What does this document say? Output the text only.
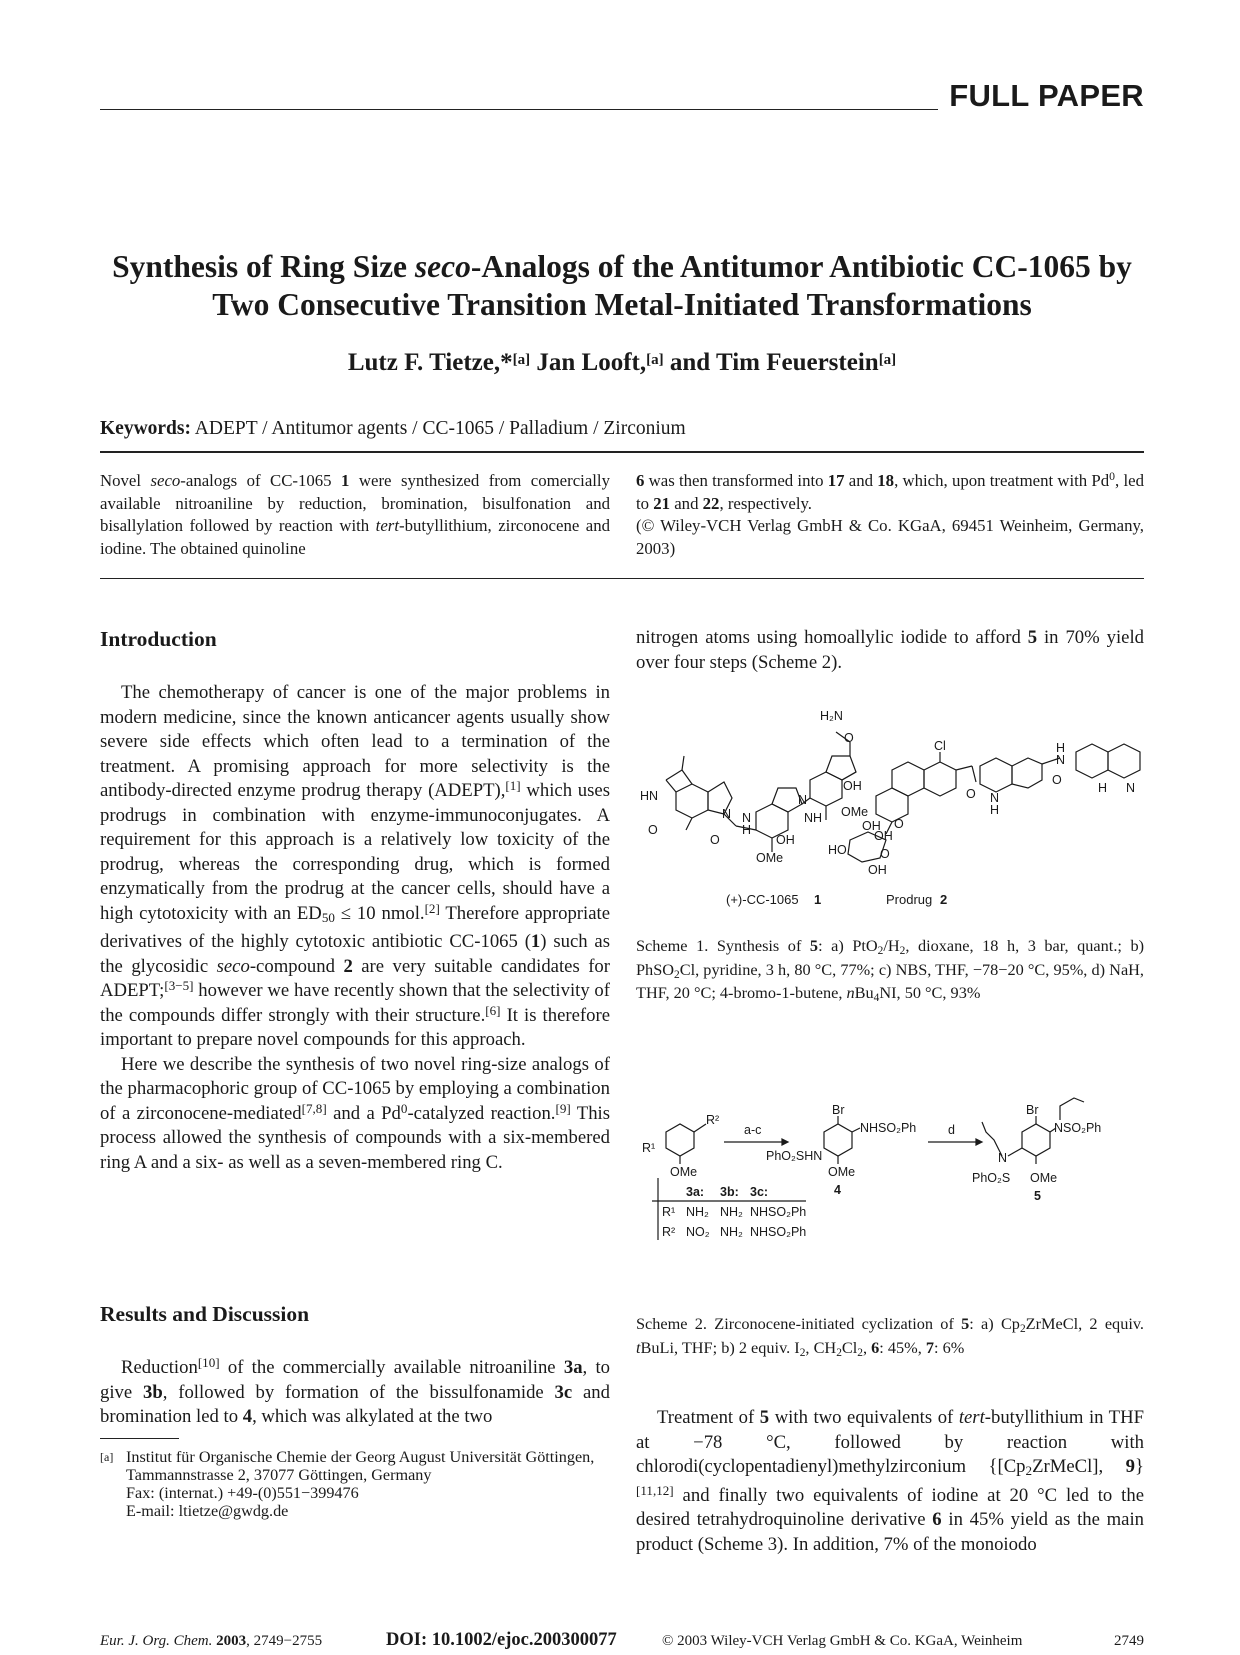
FULL PAPER
Synthesis of Ring Size seco-Analogs of the Antitumor Antibiotic CC-1065 by
Two Consecutive Transition Metal-Initiated Transformations
Lutz F. Tietze,*[a] Jan Looft,[a] and Tim Feuerstein[a]
Keywords: ADEPT / Antitumor agents / CC-1065 / Palladium / Zirconium
Novel seco-analogs of CC-1065 1 were synthesized from comercially available nitroaniline by reduction, bromination, bisulfonation and bisallylation followed by reaction with tert-butyllithium, zirconocene and iodine. The obtained quinoline
6 was then transformed into 17 and 18, which, upon treatment with Pd$^0$, led to 21 and 22, respectively.
(© Wiley-VCH Verlag GmbH & Co. KGaA, 69451 Weinheim, Germany, 2003)
Introduction

The chemotherapy of cancer is one of the major problems in modern medicine, since the known anticancer agents usually show severe side effects which often lead to a termination of the treatment. A promising approach for more selectivity is the antibody-directed enzyme prodrug therapy (ADEPT),[1] which uses prodrugs in combination with enzyme-immunoconjugates. A requirement for this approach is a relatively low toxicity of the prodrug, whereas the corresponding drug, which is formed enzymatically from the prodrug at the cancer cells, should have a high cytotoxicity with an $ED_{50} \le 10$ nmol.[2] Therefore appropriate derivatives of the highly cytotoxic antibiotic CC-1065 (1) such as the glycosidic seco-compound 2 are very suitable candidates for ADEPT;[3−5] however we have recently shown that the selectivity of the compounds differ strongly with their structure.[6] It is therefore important to prepare novel compounds for this approach.

Here we describe the synthesis of two novel ring-size analogs of the pharmacophoric group of CC-1065 by employing a combination of a zirconocene-mediated[7,8] and a Pd$^0$-catalyzed reaction.[9] This process allowed the synthesis of compounds with a six-membered ring A and a six- as well as a seven-membered ring C.

Results and Discussion

Reduction[10] of the commercially available nitroaniline 3a, to give 3b, followed by formation of the bissulfonamide 3c and bromination led to 4, which was alkylated at the two

[a] Institut für Organische Chemie der Georg August Universität Göttingen,
Tammannstrasse 2, 37077 Göttingen, Germany
Fax: (internat.) +49-(0)551−399476
E-mail: ltietze@gwdg.de

nitrogen atoms using homoallylic iodide to afford 5 in 70% yield over four steps (Scheme 2).

H₂N
O
HN
O
OH
OMe
NH
OH
OMe
O
N
N
H
N
Cl
O N
H
H
N
O
N
H
OH
OH
HO
OH
O
O
(+)-CC-1065 1	Prodrug 2
Scheme 1. Synthesis of 5: a) $PtO_2/H_2$, dioxane, 18 h, 3 bar, quant.; b) PhSO$_2$Cl, pyridine, 3 h, 80 °C, 77%; c) NBS, THF, −78−20 °C, 95%, d) NaH, THF, 20 °C; 4-bromo-1-butene, nBu$_4$NI, 50 °C, 93%
R²
R¹
OMe
a-c
Br
NHSO₂Ph
PhO₂SHN
OMe
4
d
Br
NSO₂Ph
N
PhO₂S OMe
5
3a: 3b: 3c:
R¹ NH₂ NH₂ NHSO₂Ph
R² NO₂ NH₂ NHSO₂Ph
Scheme 2. Zirconocene-initiated cyclization of 5: a) $Cp_2ZrMeCl$, 2 equiv. tBuLi, THF; b) 2 equiv. $I_2$, $CH_2Cl_2$, 6: 45%, 7: 6%

Treatment of 5 with two equivalents of tert-butyllithium in THF at −78 °C, followed by reaction with chlorodi(cyclopentadienyl)methylzirconium {$[Cp_2ZrMeCl]$, 9}[11,12] and finally two equivalents of iodine at 20 °C led to the desired tetrahydroquinoline derivative 6 in 45% yield as the main product (Scheme 3). In addition, 7% of the monoiodo

Eur. J. Org. Chem. 2003, 2749−2755	DOI: 10.1002/ejoc.200300077	© 2003 Wiley-VCH Verlag GmbH & Co. KGaA, Weinheim	2749
